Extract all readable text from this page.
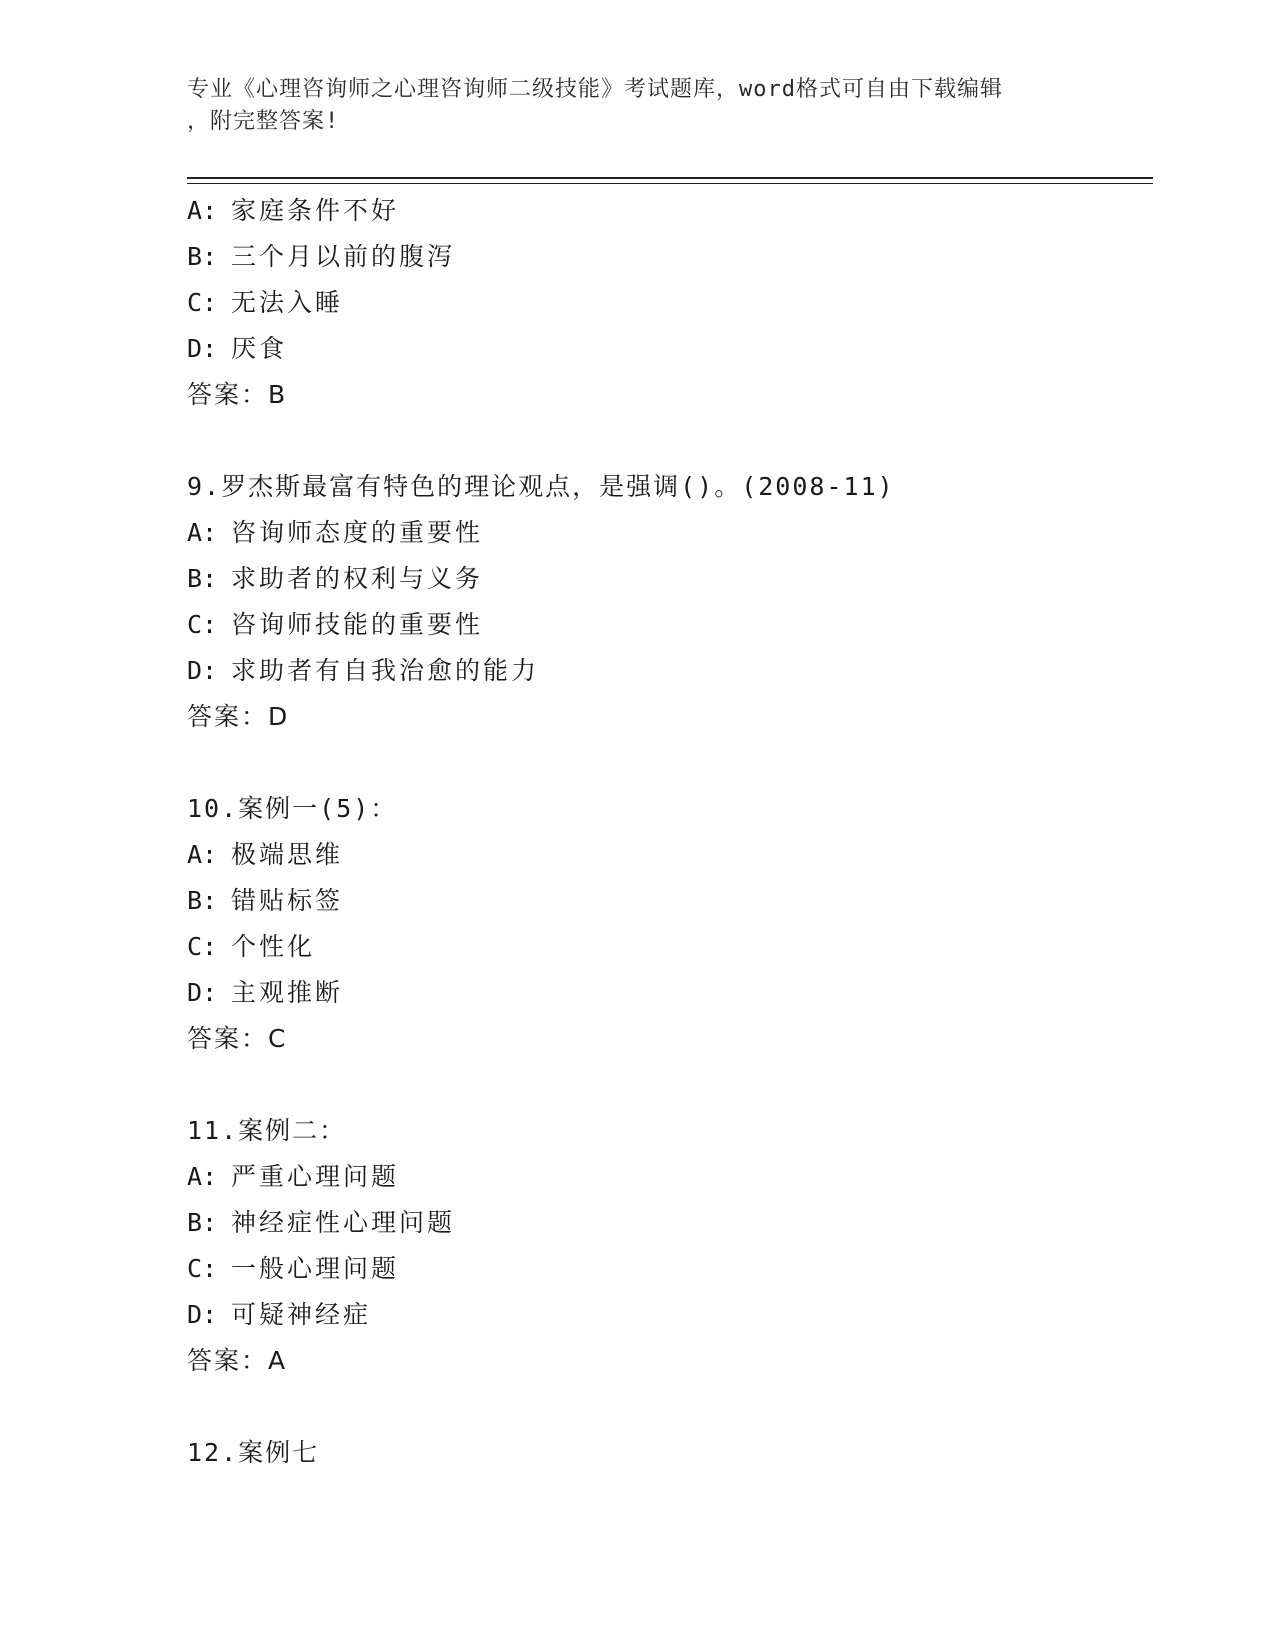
专业《心理咨询师之心理咨询师二级技能》考试题库，word格式可自由下载编辑
，附完整答案!
A: 家庭条件不好
B: 三个月以前的腹泻
C: 无法入睡
D: 厌食
答案：B
9.罗杰斯最富有特色的理论观点，是强调()。(2008-11)
A: 咨询师态度的重要性
B: 求助者的权利与义务
C: 咨询师技能的重要性
D: 求助者有自我治愈的能力
答案：D
10.案例一(5)：
A: 极端思维
B: 错贴标签
C: 个性化
D: 主观推断
答案：C
11.案例二：
A: 严重心理问题
B: 神经症性心理问题
C: 一般心理问题
D: 可疑神经症
答案：A
12.案例七
